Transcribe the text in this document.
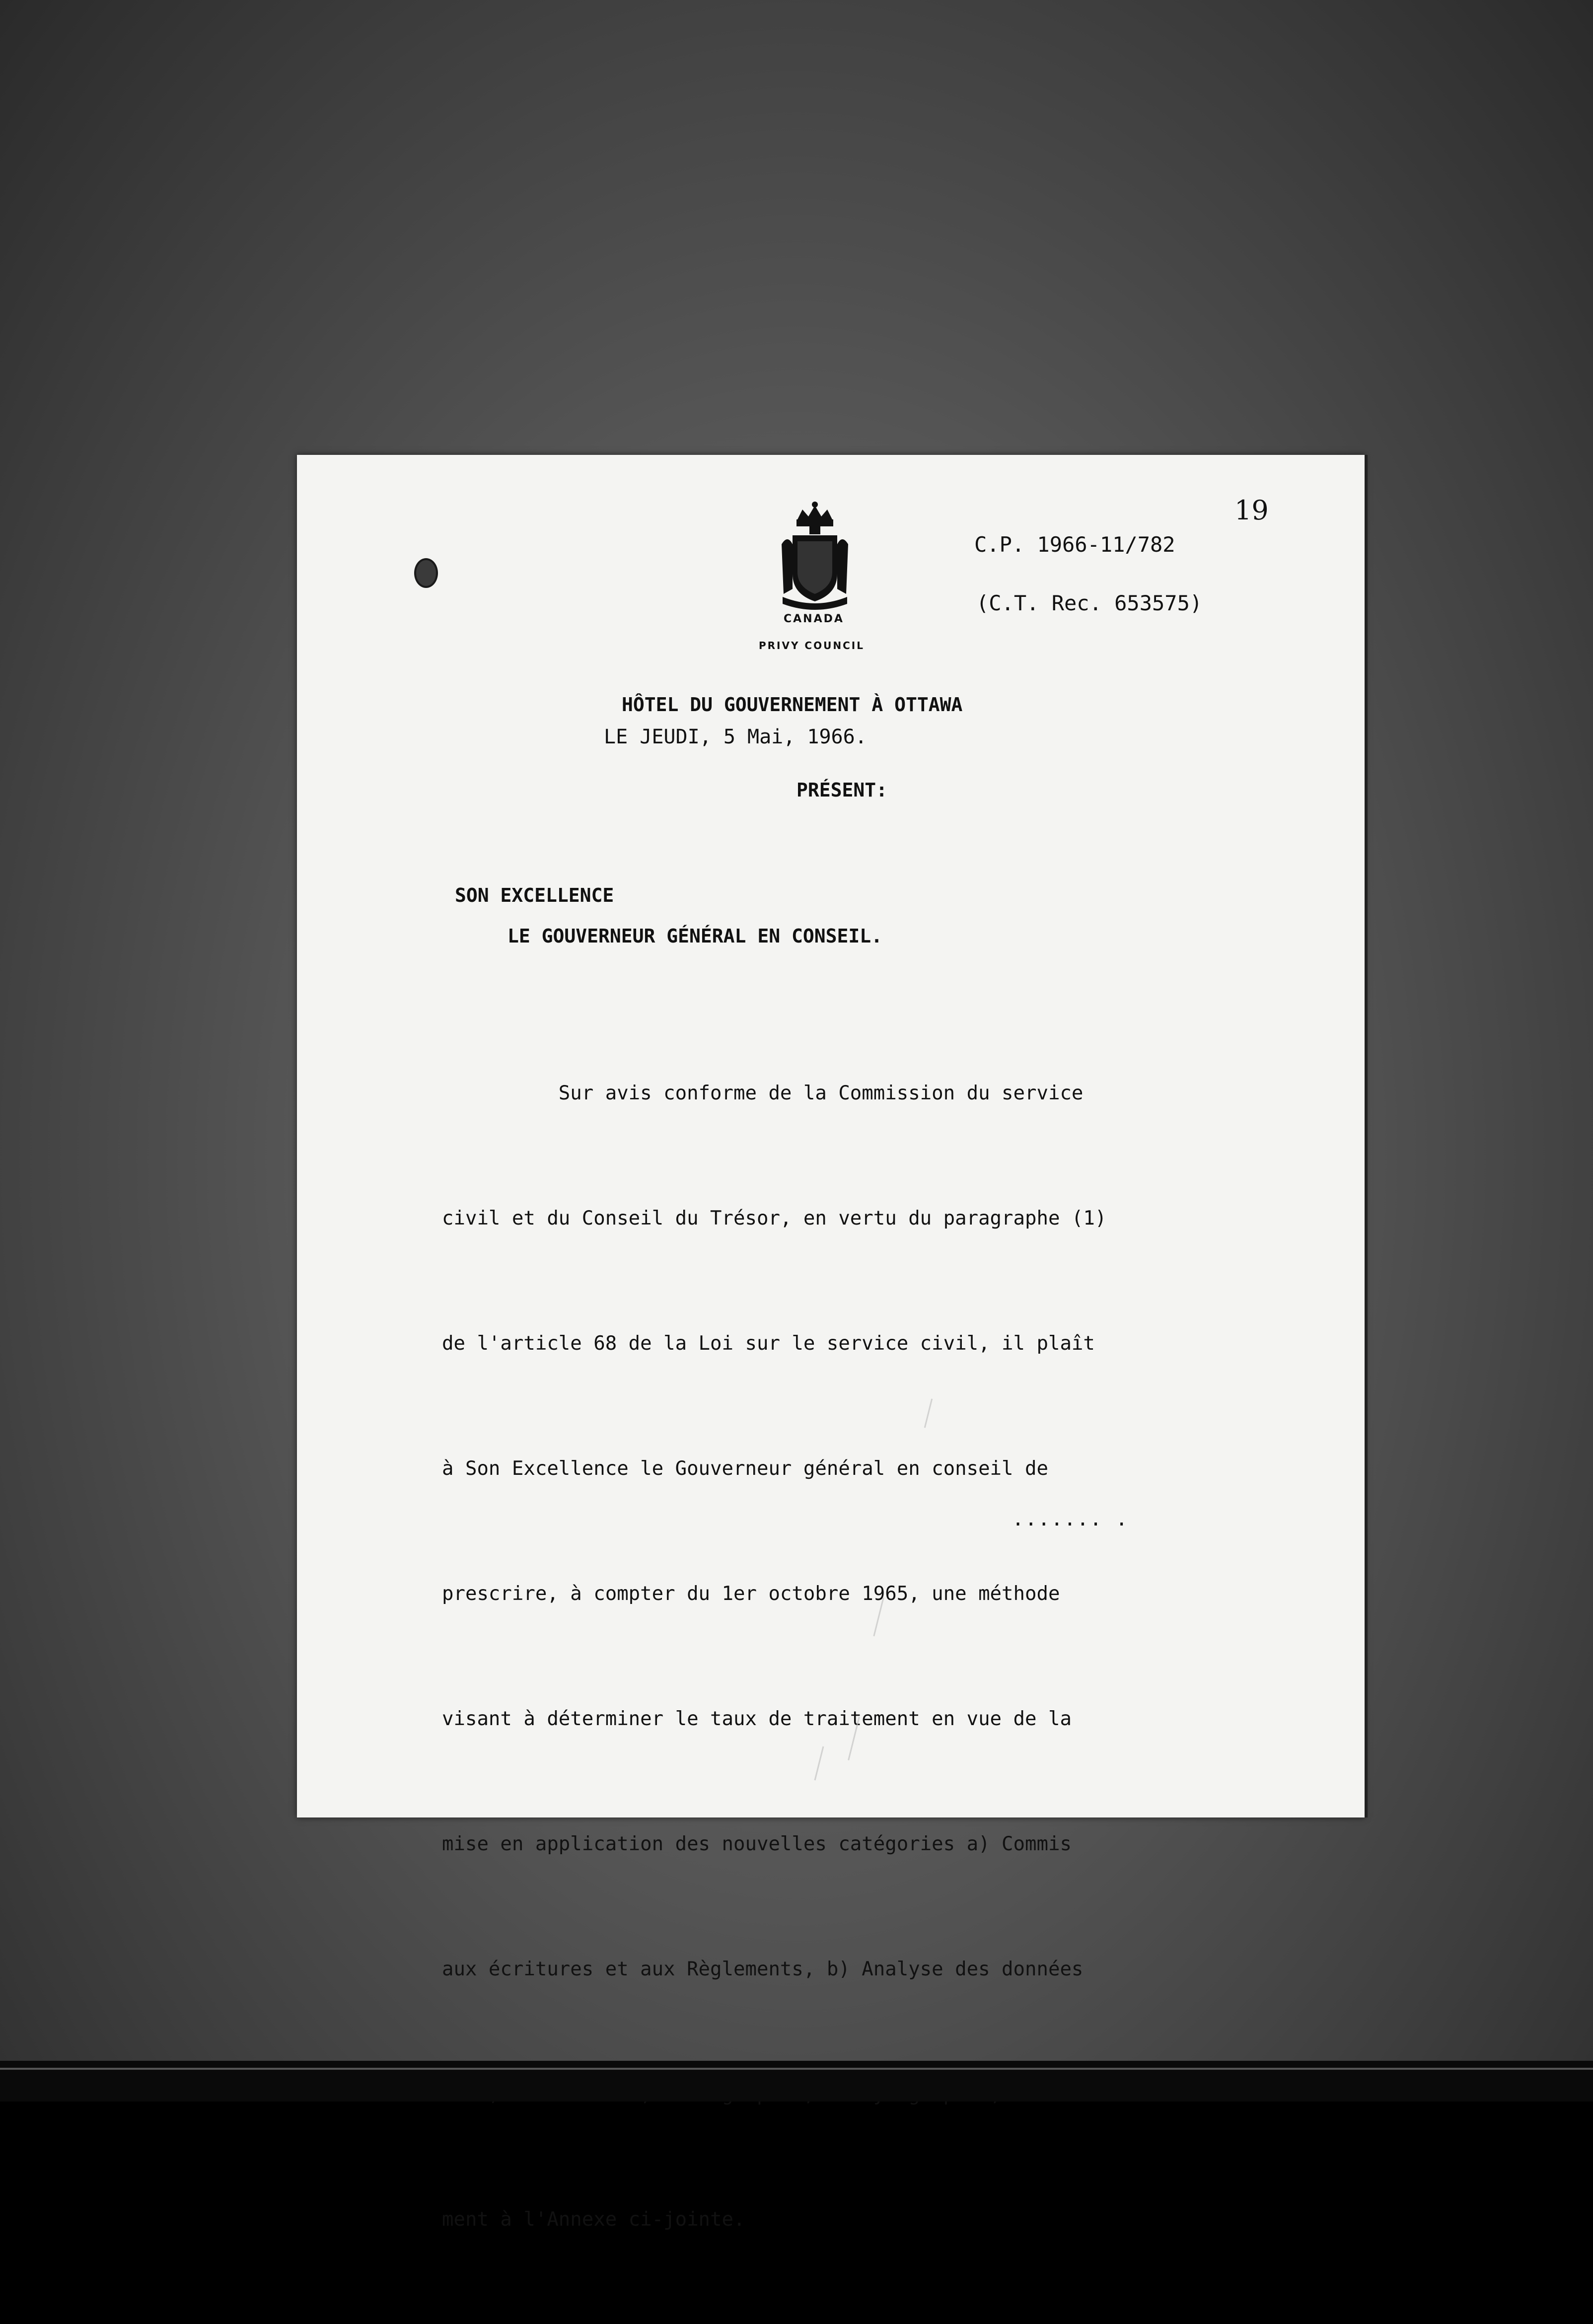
19
CANADA
PRIVY COUNCIL
C.P. 1966-11/782
(C.T. Rec. 653575)
HÔTEL DU GOUVERNEMENT À OTTAWA
LE JEUDI, 5 Mai, 1966.
PRÉSENT:
SON EXCELLENCE
LE GOUVERNEUR GÉNÉRAL EN CONSEIL.

Sur avis conforme de la Commission du service

civil et du Conseil du Trésor, en vertu du paragraphe (1)

de l'article 68 de la Loi sur le service civil, il plaît

à Son Excellence le Gouverneur général en conseil de

prescrire, à compter du 1er octobre 1965, une méthode

visant à déterminer le taux de traitement en vue de la

mise en application des nouvelles catégories a) Commis

aux écritures et aux Règlements, b) Analyse des données

ment à l'Annexe ci-jointe.

....... .
